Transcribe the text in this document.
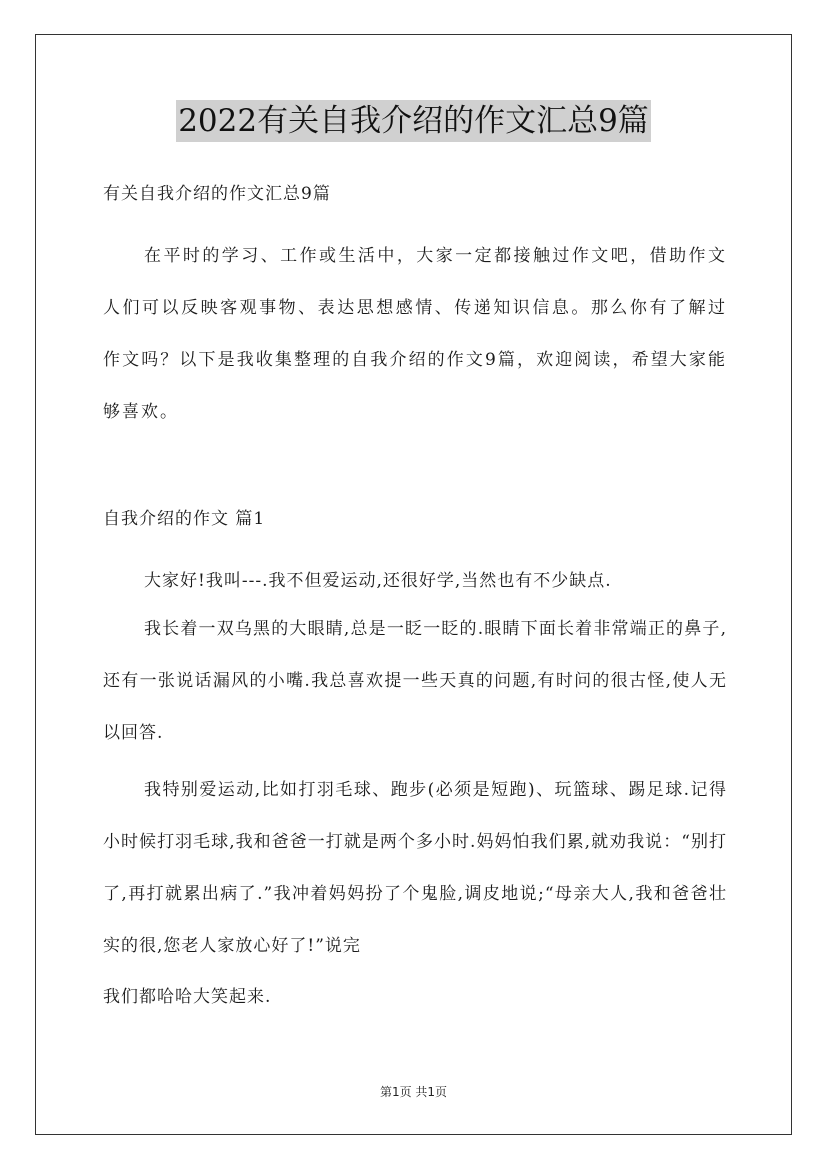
2022有关自我介绍的作文汇总9篇
有关自我介绍的作文汇总9篇
在平时的学习、工作或生活中，大家一定都接触过作文吧，借助作文人们可以反映客观事物、表达思想感情、传递知识信息。那么你有了解过作文吗？以下是我收集整理的自我介绍的作文9篇，欢迎阅读，希望大家能够喜欢。
自我介绍的作文 篇1
大家好!我叫---.我不但爱运动,还很好学,当然也有不少缺点.
我长着一双乌黑的大眼睛,总是一眨一眨的.眼睛下面长着非常端正的鼻子,还有一张说话漏风的小嘴.我总喜欢提一些天真的问题,有时问的很古怪,使人无以回答.
我特别爱运动,比如打羽毛球、跑步(必须是短跑)、玩篮球、踢足球.记得小时候打羽毛球,我和爸爸一打就是两个多小时.妈妈怕我们累,就劝我说：“别打了,再打就累出病了.”我冲着妈妈扮了个鬼脸,调皮地说;“母亲大人,我和爸爸壮实的很,您老人家放心好了!”说完
我们都哈哈大笑起来.
第1页 共1页
